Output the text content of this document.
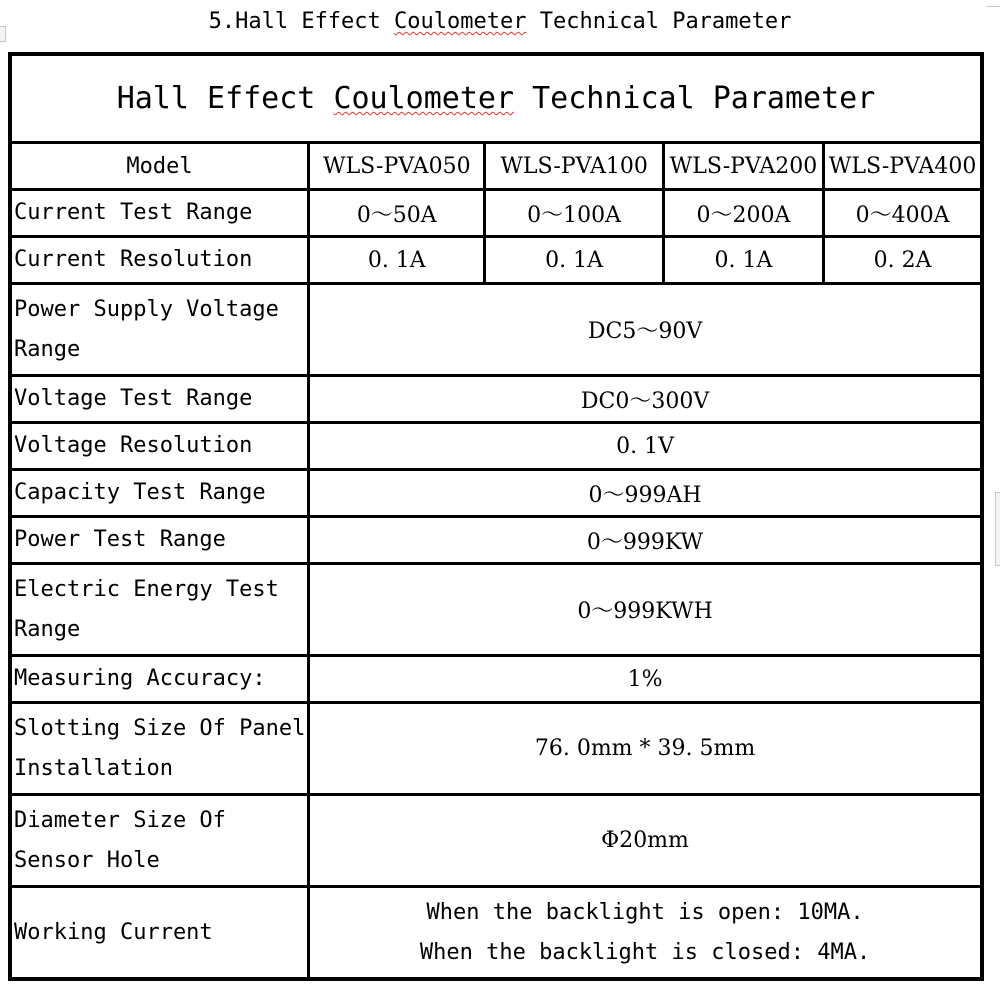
5.Hall Effect Coulometer Technical Parameter
Hall Effect Coulometer Technical Parameter				
Model	WLS-PVA050	WLS-PVA100	WLS-PVA200	WLS-PVA400
Current Test Range	0～50A	0～100A	0～200A	0～400A
Current Resolution	0. 1A	0. 1A	0. 1A	0. 2A

Power Supply Voltage
Range	DC5～90V			
Voltage Test Range	DC0～300V			
Voltage Resolution	0. 1V			
Capacity Test Range	0～999AH			
Power Test Range	0～999KW			

Electric Energy Test
Range	0～999KWH			
Measuring Accuracy:	1%			

Slotting Size Of Panel
Installation	76. 0mm * 39. 5mm			

Diameter Size Of
Sensor Hole	Φ20mm			
Working Current	When the backlight is open: 10MA.
When the backlight is closed: 4MA.			
